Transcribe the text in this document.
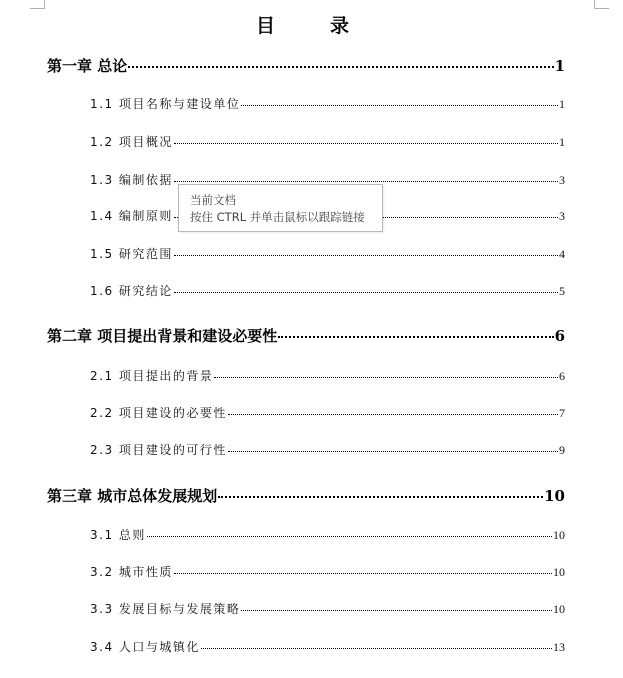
目　录
第一章 总论	1
1.1 项目名称与建设单位	1
1.2 项目概况	1
1.3 编制依据	3
1.4 编制原则	3
1.5 研究范围	4
1.6 研究结论	5
第二章 项目提出背景和建设必要性	6
2.1 项目提出的背景	6
2.2 项目建设的必要性	7
2.3 项目建设的可行性	9
第三章 城市总体发展规划	10
3.1 总则	10
3.2 城市性质	10
3.3 发展目标与发展策略	10
3.4 人口与城镇化	13
当前文档
按住 CTRL 并单击鼠标以跟踪链接
